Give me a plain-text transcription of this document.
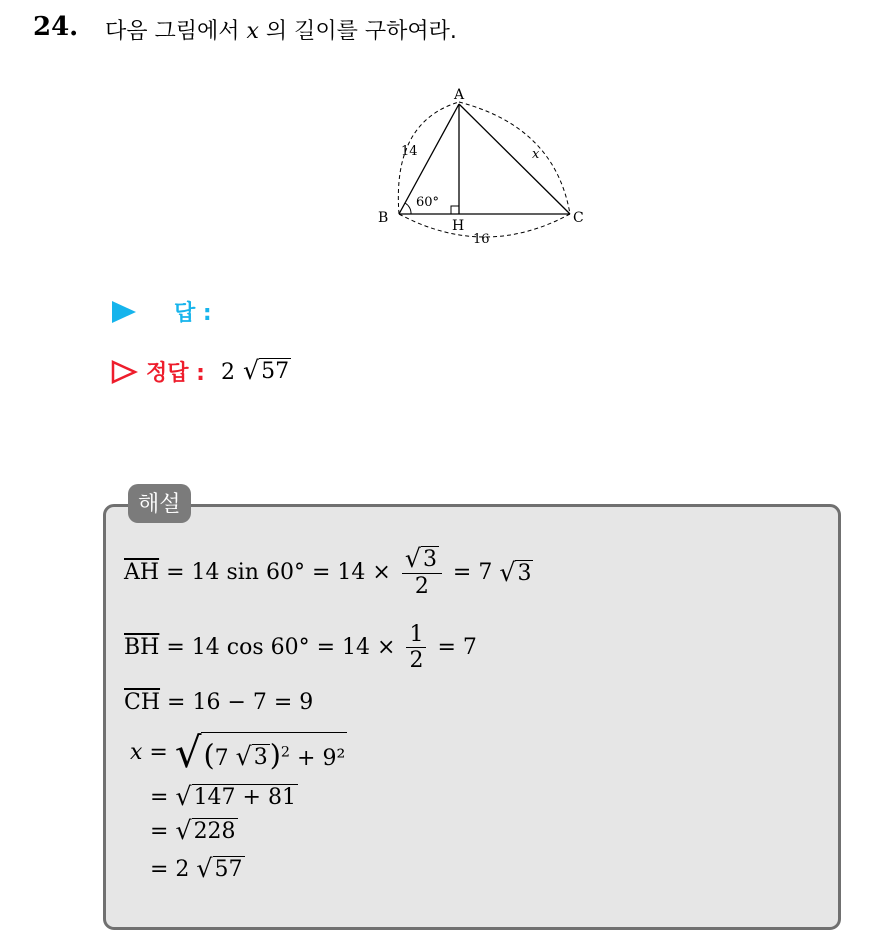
24. 다음 그림에서 x 의 길이를 구하여라.
A
B	C
H
14
16
x
60°
답 :
정답 : 2 √ 57
해설
$\overline{AH} = 14$ $\sin 60^\circ = 14 \times \frac{√ 3}{2} = 7$ √ 3
$\overline{BH} = 14$ $\cos 60^\circ = 14 \times \frac{1}{2} = 7$
$\overline{CH} = 16 - 7 = 9$
x = √ (7 √ 3 )$^2$ + 9²
= √ 147 + 81
= √ 228
= 2 √ 57
